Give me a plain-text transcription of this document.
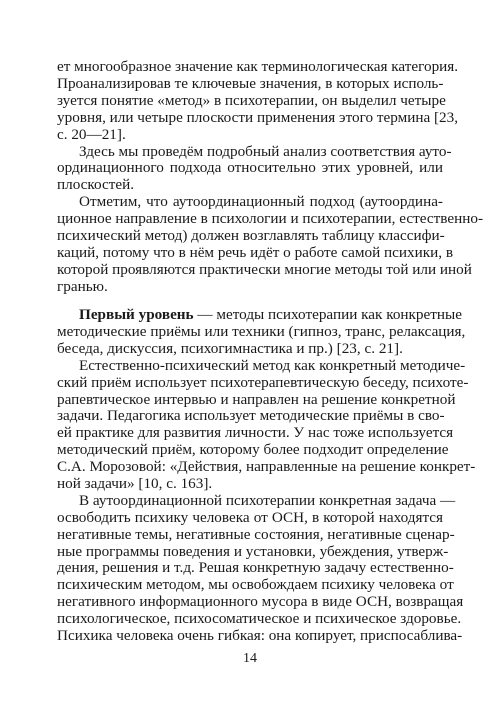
ет многообразное значение как терминологическая категория.
Проанализировав те ключевые значения, в которых исполь-
зуется понятие «метод» в психотерапии, он выделил четыре
уровня, или четыре плоскости применения этого термина [23,
с. 20—21].
Здесь мы проведём подробный анализ соответствия ауто-
ординационного подхода относительно этих уровней, или
плоскостей.
Отметим, что аутоординационный подход (аутоордина-
ционное направление в психологии и психотерапии, естественно-
психический метод) должен возглавлять таблицу классифи-
каций, потому что в нём речь идёт о работе самой психики, в
которой проявляются практически многие методы той или иной
гранью.
Первый уровень — методы психотерапии как конкретные
методические приёмы или техники (гипноз, транс, релаксация,
беседа, дискуссия, психогимнастика и пр.) [23, с. 21].
Естественно-психический метод как конкретный методиче-
ский приём использует психотерапевтическую беседу, психоте-
рапевтическое интервью и направлен на решение конкретной
задачи. Педагогика использует методические приёмы в сво-
ей практике для развития личности. У нас тоже используется
методический приём, которому более подходит определение
С.А. Морозовой: «Действия, направленные на решение конкрет-
ной задачи» [10, с. 163].
В аутоординационной психотерапии конкретная задача —
освободить психику человека от ОСН, в которой находятся
негативные темы, негативные состояния, негативные сценар-
ные программы поведения и установки, убеждения, утверж-
дения, решения и т.д. Решая конкретную задачу естественно-
психическим методом, мы освобождаем психику человека от
негативного информационного мусора в виде ОСН, возвращая
психологическое, психосоматическое и психическое здоровье.
Психика человека очень гибкая: она копирует, приспосаблива-
14
